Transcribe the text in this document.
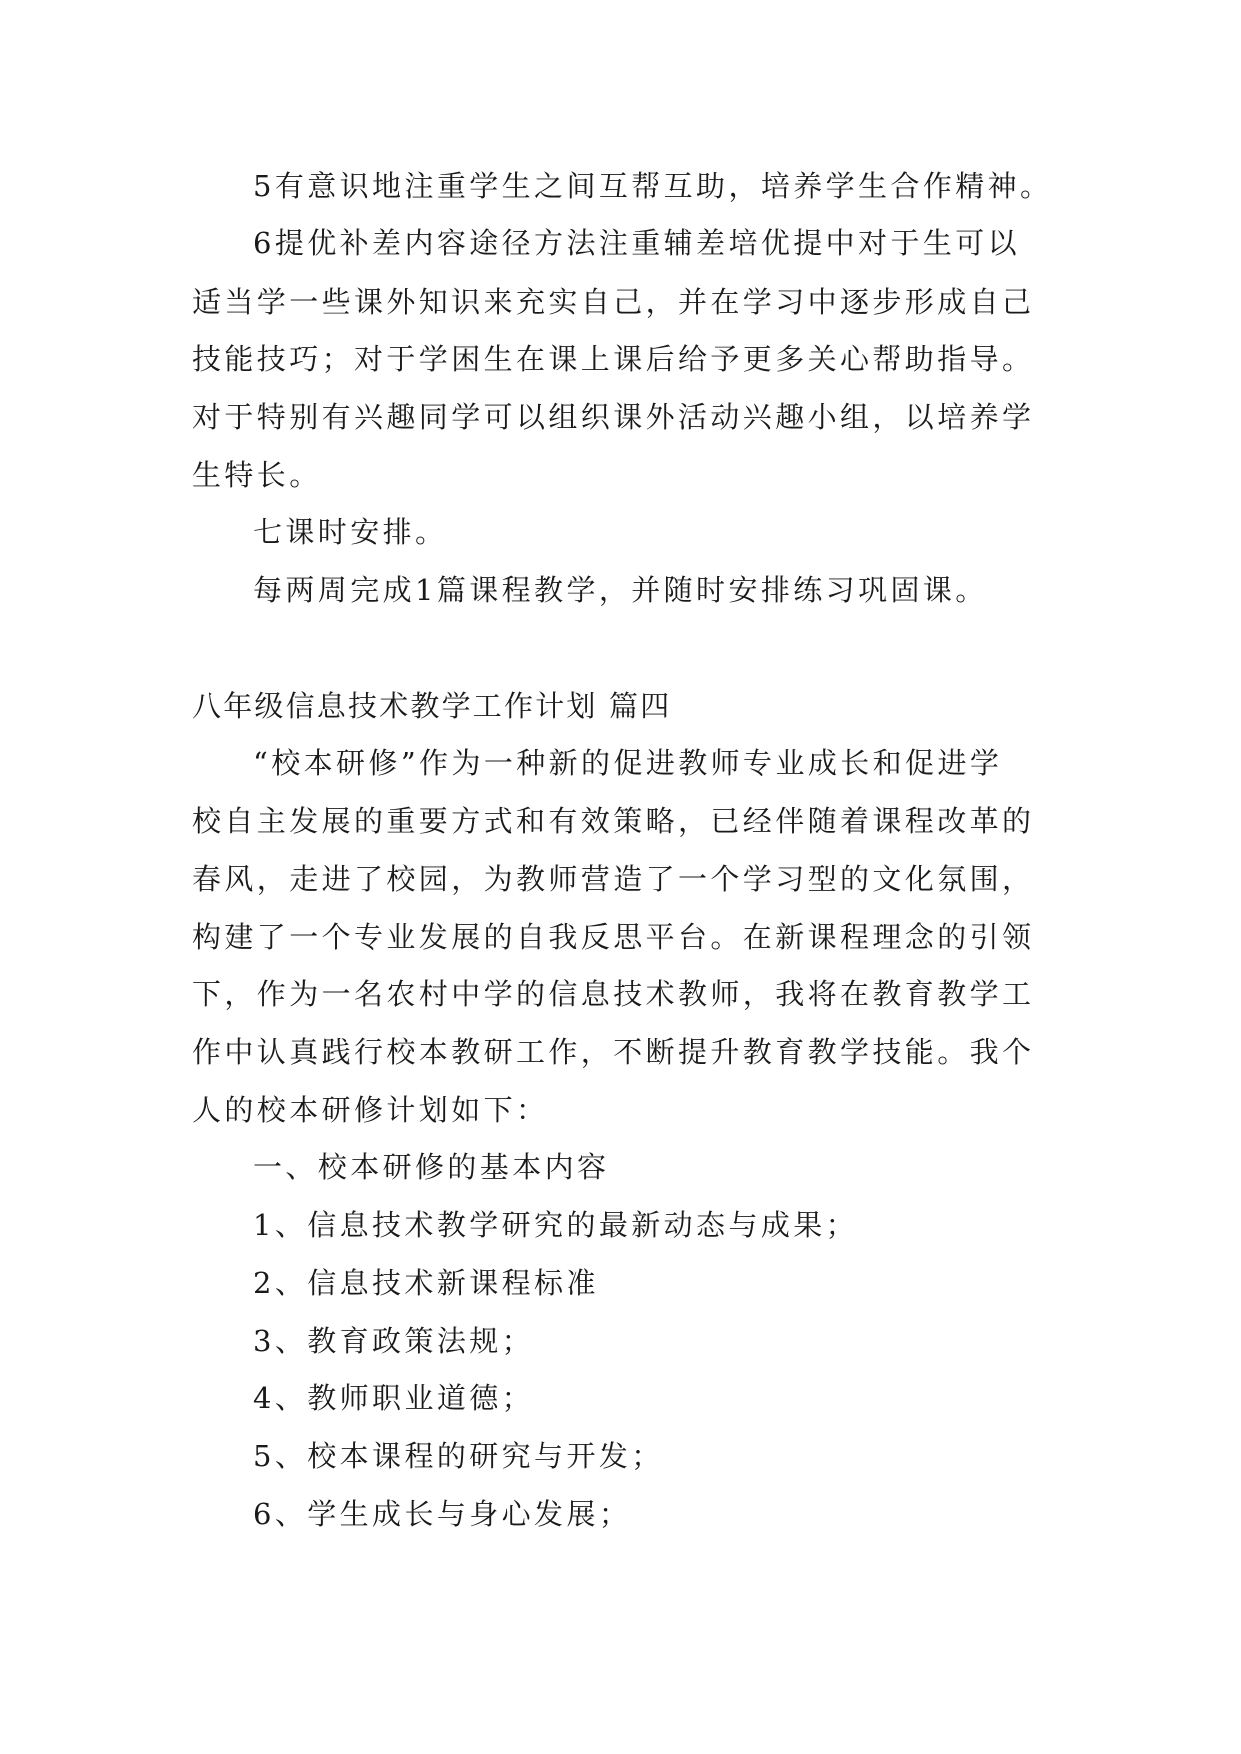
5有意识地注重学生之间互帮互助，培养学生合作精神。
6提优补差内容途径方法注重辅差培优提中对于生可以
适当学一些课外知识来充实自己，并在学习中逐步形成自己
技能技巧；对于学困生在课上课后给予更多关心帮助指导。
对于特别有兴趣同学可以组织课外活动兴趣小组，以培养学
生特长。
七课时安排。
每两周完成1篇课程教学，并随时安排练习巩固课。
八年级信息技术教学工作计划 篇四
“校本研修”作为一种新的促进教师专业成长和促进学
校自主发展的重要方式和有效策略，已经伴随着课程改革的
春风，走进了校园，为教师营造了一个学习型的文化氛围，
构建了一个专业发展的自我反思平台。在新课程理念的引领
下，作为一名农村中学的信息技术教师，我将在教育教学工
作中认真践行校本教研工作，不断提升教育教学技能。我个
人的校本研修计划如下：
一、校本研修的基本内容
1、信息技术教学研究的最新动态与成果；
2、信息技术新课程标准
3、教育政策法规；
4、教师职业道德；
5、校本课程的研究与开发；
6、学生成长与身心发展；
